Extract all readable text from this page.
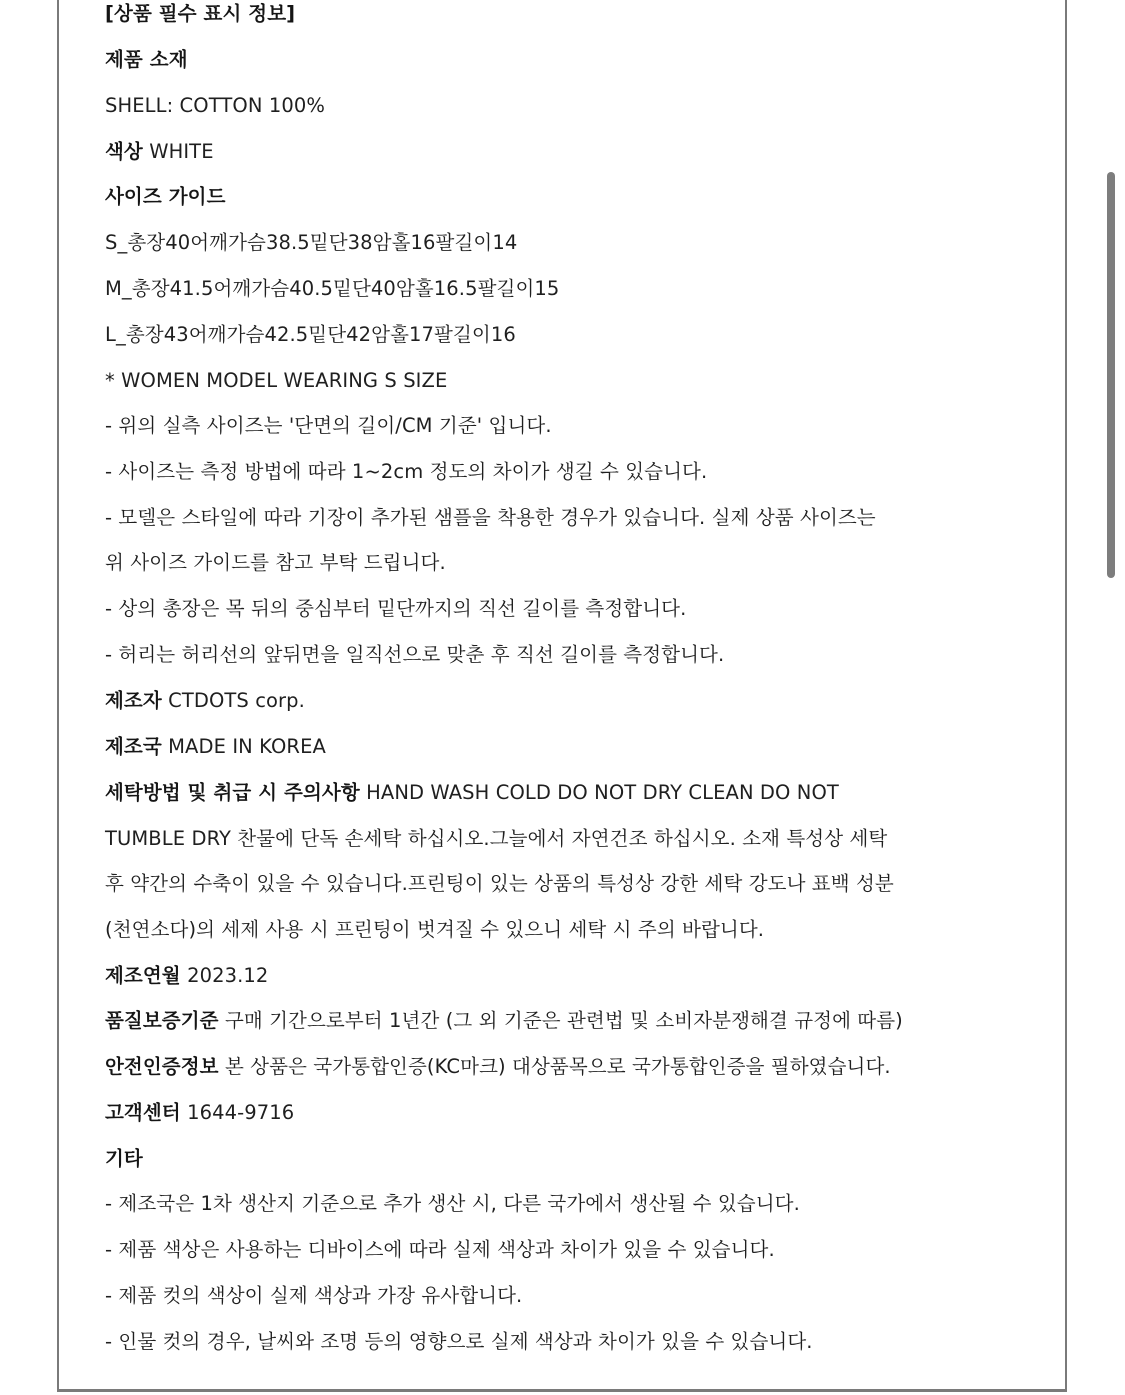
[상품 필수 표시 정보]
제품 소재
SHELL: COTTON 100%
색상 WHITE
사이즈 가이드
S_총장40어깨가슴38.5밑단38암홀16팔길이14
M_총장41.5어깨가슴40.5밑단40암홀16.5팔길이15
L_총장43어깨가슴42.5밑단42암홀17팔길이16
* WOMEN MODEL WEARING S SIZE
- 위의 실측 사이즈는 '단면의 길이/CM 기준' 입니다.
- 사이즈는 측정 방법에 따라 1~2cm 정도의 차이가 생길 수 있습니다.
- 모델은 스타일에 따라 기장이 추가된 샘플을 착용한 경우가 있습니다. 실제 상품 사이즈는
위 사이즈 가이드를 참고 부탁 드립니다.
- 상의 총장은 목 뒤의 중심부터 밑단까지의 직선 길이를 측정합니다.
- 허리는 허리선의 앞뒤면을 일직선으로 맞춘 후 직선 길이를 측정합니다.
제조자 CTDOTS corp.
제조국 MADE IN KOREA
세탁방법 및 취급 시 주의사항 HAND WASH COLD DO NOT DRY CLEAN DO NOT
TUMBLE DRY 찬물에 단독 손세탁 하십시오.그늘에서 자연건조 하십시오. 소재 특성상 세탁
후 약간의 수축이 있을 수 있습니다.프린팅이 있는 상품의 특성상 강한 세탁 강도나 표백 성분
(천연소다)의 세제 사용 시 프린팅이 벗겨질 수 있으니 세탁 시 주의 바랍니다.
제조연월 2023.12
품질보증기준 구매 기간으로부터 1년간 (그 외 기준은 관련법 및 소비자분쟁해결 규정에 따름)
안전인증정보 본 상품은 국가통합인증(KC마크) 대상품목으로 국가통합인증을 필하였습니다.
고객센터 1644-9716
기타
- 제조국은 1차 생산지 기준으로 추가 생산 시, 다른 국가에서 생산될 수 있습니다.
- 제품 색상은 사용하는 디바이스에 따라 실제 색상과 차이가 있을 수 있습니다.
- 제품 컷의 색상이 실제 색상과 가장 유사합니다.
- 인물 컷의 경우, 날씨와 조명 등의 영향으로 실제 색상과 차이가 있을 수 있습니다.
